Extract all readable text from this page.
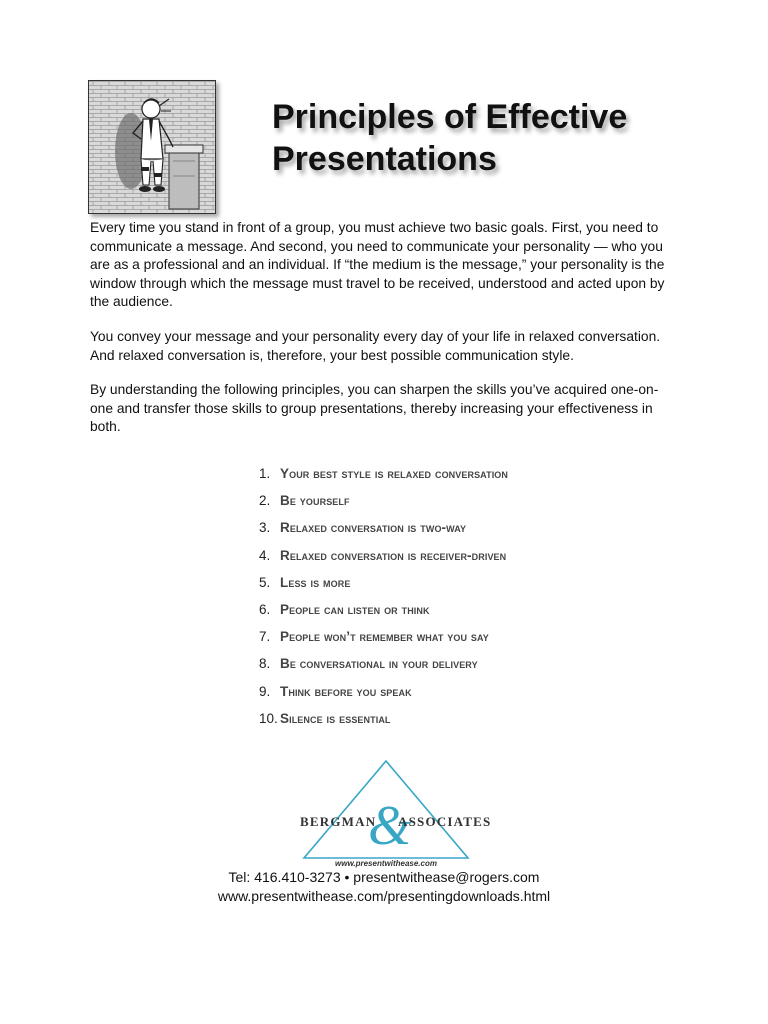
Principles of Effective
Presentations

Every time you stand in front of a group, you must achieve two basic goals. First, you need to communicate a message. And second, you need to communicate your personality — who you are as a professional and an individual. If “the medium is the message,” your personality is the window through which the message must travel to be received, understood and acted upon by the audience.

You convey your message and your personality every day of your life in relaxed conversation. And relaxed conversation is, therefore, your best possible communication style.

By understanding the following principles, you can sharpen the skills you’ve acquired one-on-one and transfer those skills to group presentations, thereby increasing your effectiveness in both.

1. Your best style is relaxed conversation
2. Be yourself
3. Relaxed conversation is two-way
4. Relaxed conversation is receiver-driven
5. Less is more
6. People can listen or think
7. People won’t remember what you say
8. Be conversational in your delivery
9. Think before you speak
10. Silence is essential
BERGMAN
&
ASSOCIATES
www.presentwithease.com
Tel: 416.410-3273 • presentwithease@rogers.com
www.presentwithease.com/presentingdownloads.html
